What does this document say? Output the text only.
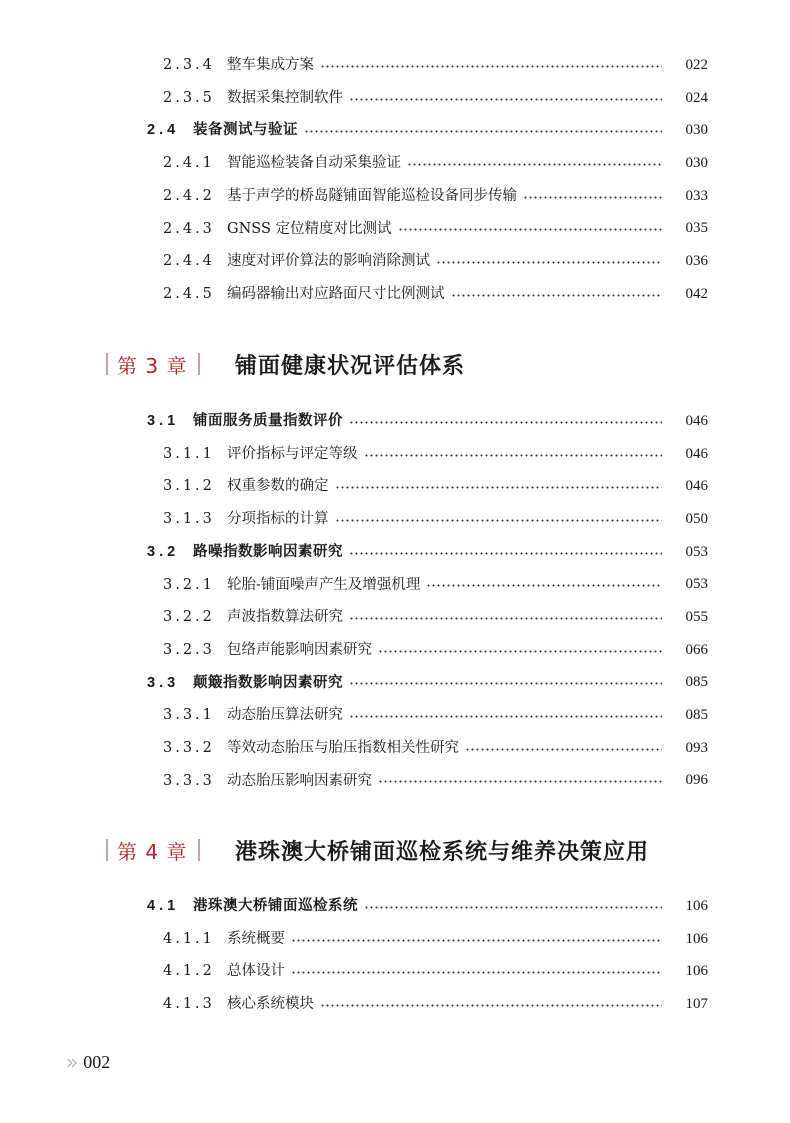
2.3.4 整车集成方案	022
2.3.5 数据采集控制软件	024
2.4 装备测试与验证	030
2.4.1 智能巡检装备自动采集验证	030
2.4.2 基于声学的桥岛隧铺面智能巡检设备同步传输	033
2.4.3 GNSS 定位精度对比测试	035
2.4.4 速度对评价算法的影响消除测试	036
2.4.5 编码器输出对应路面尺寸比例测试	042
第 3 章 铺面健康状况评估体系
3.1 铺面服务质量指数评价	046
3.1.1 评价指标与评定等级	046
3.1.2 权重参数的确定	046
3.1.3 分项指标的计算	050
3.2 路噪指数影响因素研究	053
3.2.1 轮胎-铺面噪声产生及增强机理	053
3.2.2 声波指数算法研究	055
3.2.3 包络声能影响因素研究	066
3.3 颠簸指数影响因素研究	085
3.3.1 动态胎压算法研究	085
3.3.2 等效动态胎压与胎压指数相关性研究	093
3.3.3 动态胎压影响因素研究	096
第 4 章 港珠澳大桥铺面巡检系统与维养决策应用
4.1 港珠澳大桥铺面巡检系统	106
4.1.1 系统概要	106
4.1.2 总体设计	106
4.1.3 核心系统模块	107
» 002
